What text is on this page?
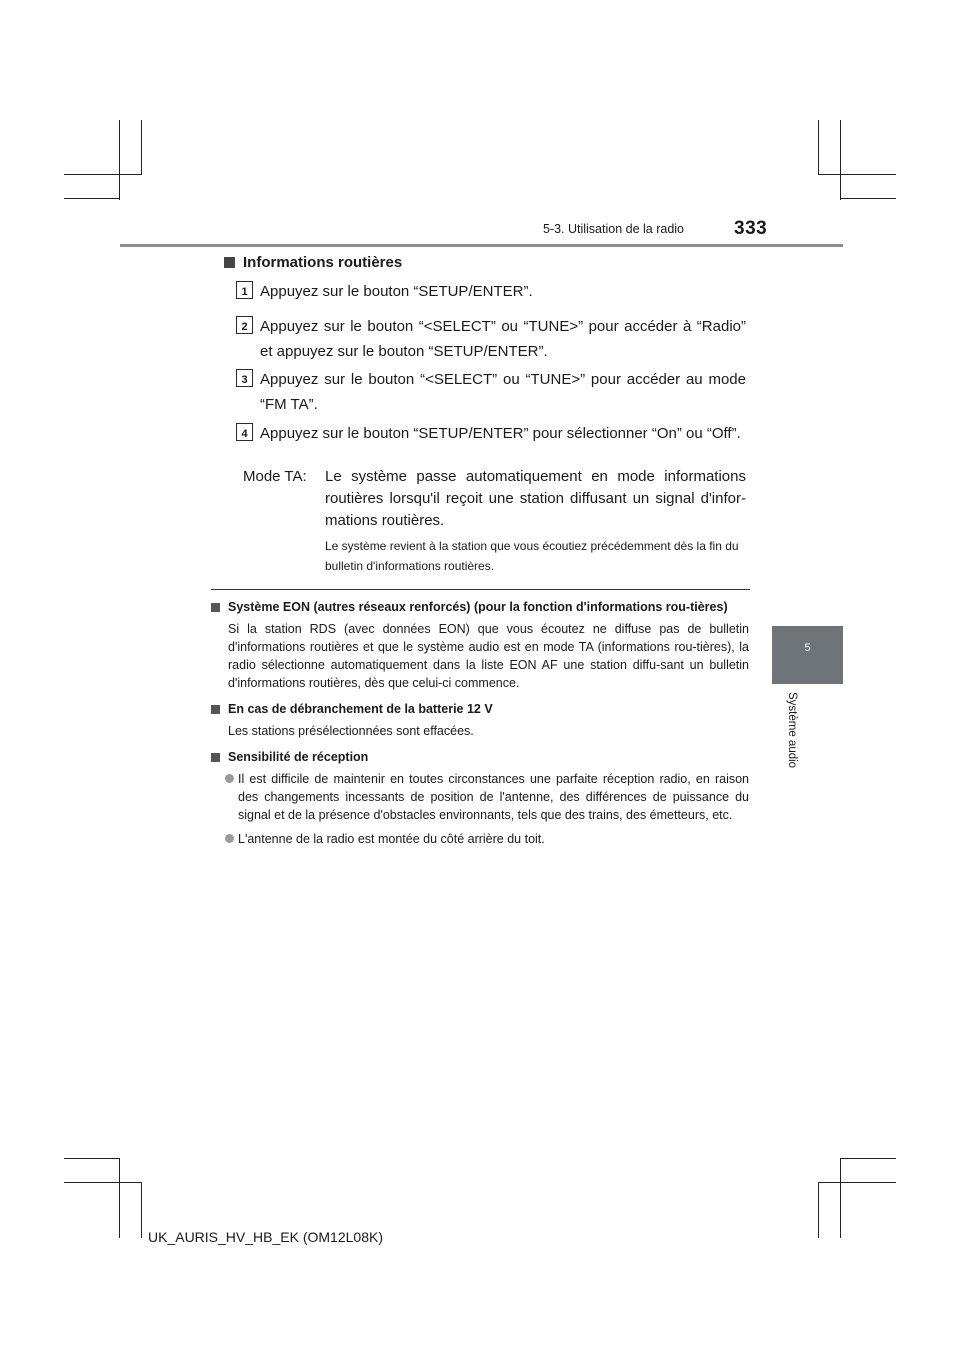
5-3. Utilisation de la radio	333
5
Système audio
Informations routières
1 Appuyez sur le bouton “SETUP/ENTER”.
2 Appuyez sur le bouton “<SELECT” ou “TUNE>” pour accéder à “Radio” et appuyez sur le bouton “SETUP/ENTER”.
3 Appuyez sur le bouton “<SELECT” ou “TUNE>” pour accéder au mode “FM TA”.
4 Appuyez sur le bouton “SETUP/ENTER” pour sélectionner “On” ou “Off”.
Mode TA: Le système passe automatiquement en mode informations routières lorsqu'il reçoit une station diffusant un signal d'infor-mations routières.
Le système revient à la station que vous écoutiez précédemment dès la fin du bulletin d'informations routières.
Système EON (autres réseaux renforcés) (pour la fonction d'informations rou-tières)
Si la station RDS (avec données EON) que vous écoutez ne diffuse pas de bulletin d'informations routières et que le système audio est en mode TA (informations rou-tières), la radio sélectionne automatiquement dans la liste EON AF une station diffu-sant un bulletin d'informations routières, dès que celui-ci commence.
En cas de débranchement de la batterie 12 V
Les stations présélectionnées sont effacées.
Sensibilité de réception
Il est difficile de maintenir en toutes circonstances une parfaite réception radio, en raison des changements incessants de position de l'antenne, des différences de puissance du signal et de la présence d'obstacles environnants, tels que des trains, des émetteurs, etc.
L'antenne de la radio est montée du côté arrière du toit.
UK_AURIS_HV_HB_EK (OM12L08K)
